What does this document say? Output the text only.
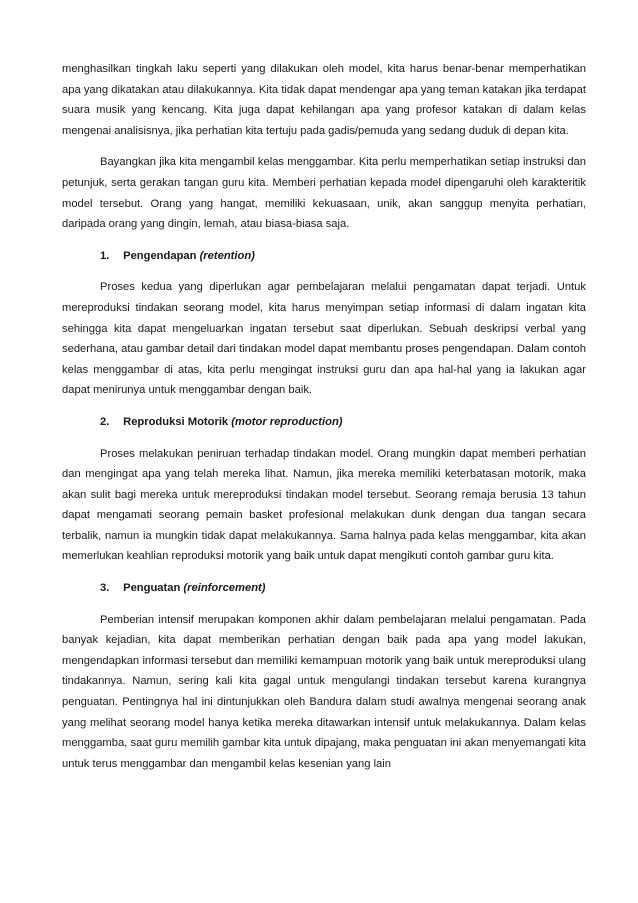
menghasilkan tingkah laku seperti yang dilakukan oleh model, kita harus benar-benar memperhatikan apa yang dikatakan atau dilakukannya. Kita tidak dapat mendengar apa yang teman katakan jika terdapat suara musik yang kencang. Kita juga dapat kehilangan apa yang profesor katakan di dalam kelas mengenai analisisnya, jika perhatian kita tertuju pada gadis/pemuda yang sedang duduk di depan kita.

Bayangkan jika kita mengambil kelas menggambar. Kita perlu memperhatikan setiap instruksi dan petunjuk, serta gerakan tangan guru kita. Memberi perhatian kepada model dipengaruhi oleh karakteritik model tersebut. Orang yang hangat, memiliki kekuasaan, unik, akan sanggup menyita perhatian, daripada orang yang dingin, lemah, atau biasa-biasa saja.

1. Pengendapan (retention)

Proses kedua yang diperlukan agar pembelajaran melalui pengamatan dapat terjadi. Untuk mereproduksi tindakan seorang model, kita harus menyimpan setiap informasi di dalam ingatan kita sehingga kita dapat mengeluarkan ingatan tersebut saat diperlukan. Sebuah deskripsi verbal yang sederhana, atau gambar detail dari tindakan model dapat membantu proses pengendapan. Dalam contoh kelas menggambar di atas, kita perlu mengingat instruksi guru dan apa hal-hal yang ia lakukan agar dapat menirunya untuk menggambar dengan baik.

2. Reproduksi Motorik (motor reproduction)

Proses melakukan peniruan terhadap tindakan model. Orang mungkin dapat memberi perhatian dan mengingat apa yang telah mereka lihat. Namun, jika mereka memiliki keterbatasan motorik, maka akan sulit bagi mereka untuk mereproduksi tindakan model tersebut. Seorang remaja berusia 13 tahun dapat mengamati seorang pemain basket profesional melakukan dunk dengan dua tangan secara terbalik, namun ia mungkin tidak dapat melakukannya. Sama halnya pada kelas menggambar, kita akan memerlukan keahlian reproduksi motorik yang baik untuk dapat mengikuti contoh gambar guru kita.

3. Penguatan (reinforcement)

Pemberian intensif merupakan komponen akhir dalam pembelajaran melalui pengamatan. Pada banyak kejadian, kita dapat memberikan perhatian dengan baik pada apa yang model lakukan, mengendapkan informasi tersebut dan memiliki kemampuan motorik yang baik untuk mereproduksi ulang tindakannya. Namun, sering kali kita gagal untuk mengulangi tindakan tersebut karena kurangnya penguatan. Pentingnya hal ini dintunjukkan oleh Bandura dalam studi awalnya mengenai seorang anak yang melihat seorang model hanya ketika mereka ditawarkan intensif untuk melakukannya. Dalam kelas menggamba, saat guru memilih gambar kita untuk dipajang, maka penguatan ini akan menyemangati kita untuk terus menggambar dan mengambil kelas kesenian yang lain
